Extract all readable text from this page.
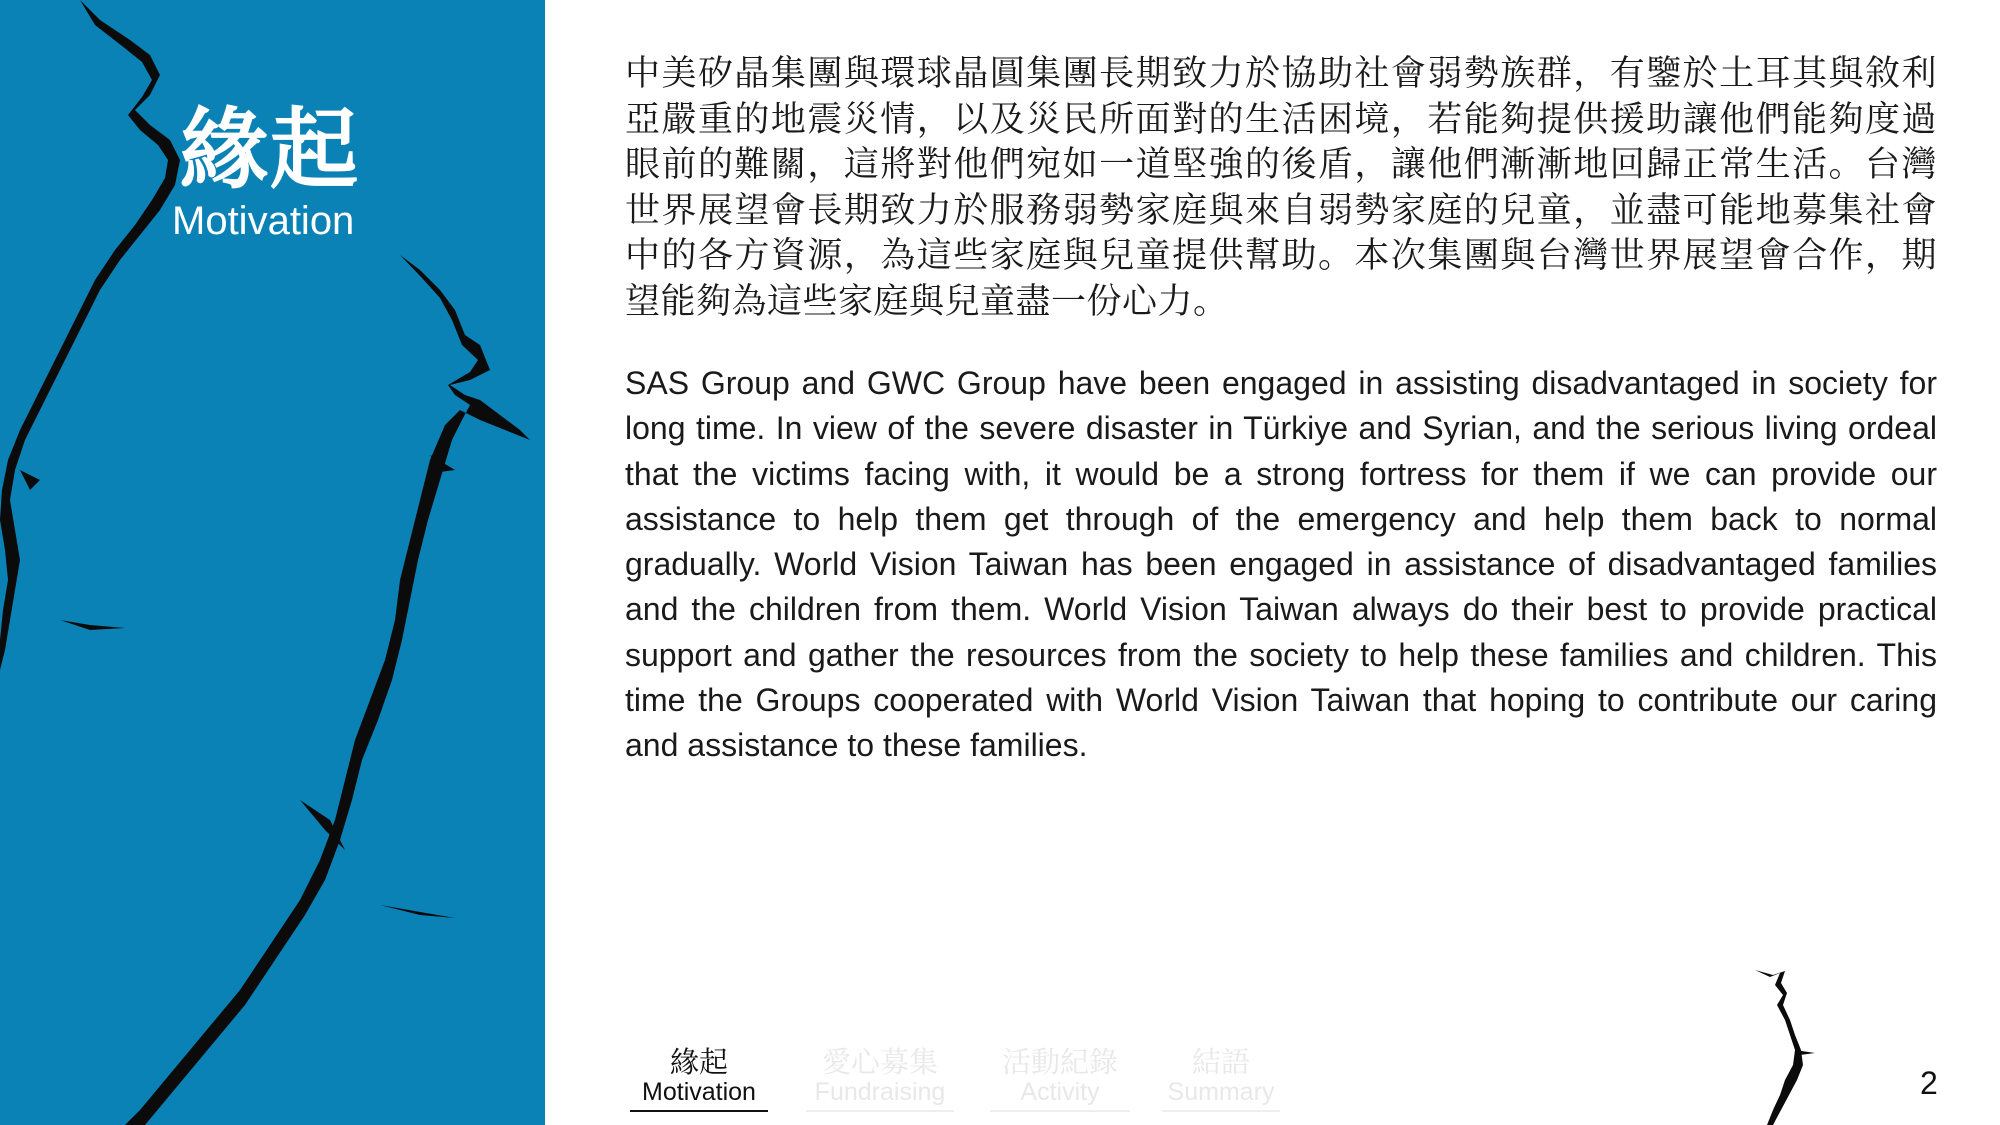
緣起
Motivation

中美矽晶集團與環球晶圓集團長期致力於協助社會弱勢族群，有鑒於土耳其與敘利亞嚴重的地震災情，以及災民所面對的生活困境，若能夠提供援助讓他們能夠度過眼前的難關，這將對他們宛如一道堅強的後盾，讓他們漸漸地回歸正常生活。台灣世界展望會長期致力於服務弱勢家庭與來自弱勢家庭的兒童，並盡可能地募集社會中的各方資源，為這些家庭與兒童提供幫助。本次集團與台灣世界展望會合作，期望能夠為這些家庭與兒童盡一份心力。

SAS Group and GWC Group have been engaged in assisting disadvantaged in society for long time. In view of the severe disaster in Türkiye and Syrian, and the serious living ordeal that the victims facing with, it would be a strong fortress for them if we can provide our assistance to help them get through of the emergency and help them back to normal gradually. World Vision Taiwan has been engaged in assistance of disadvantaged families and the children from them. World Vision Taiwan always do their best to provide practical support and gather the resources from the society to help these families and children. This time the Groups cooperated with World Vision Taiwan that hoping to contribute our caring and assistance to these families.

緣起
Motivation
愛心募集
Fundraising
活動紀錄
Activity
結語
Summary	2
